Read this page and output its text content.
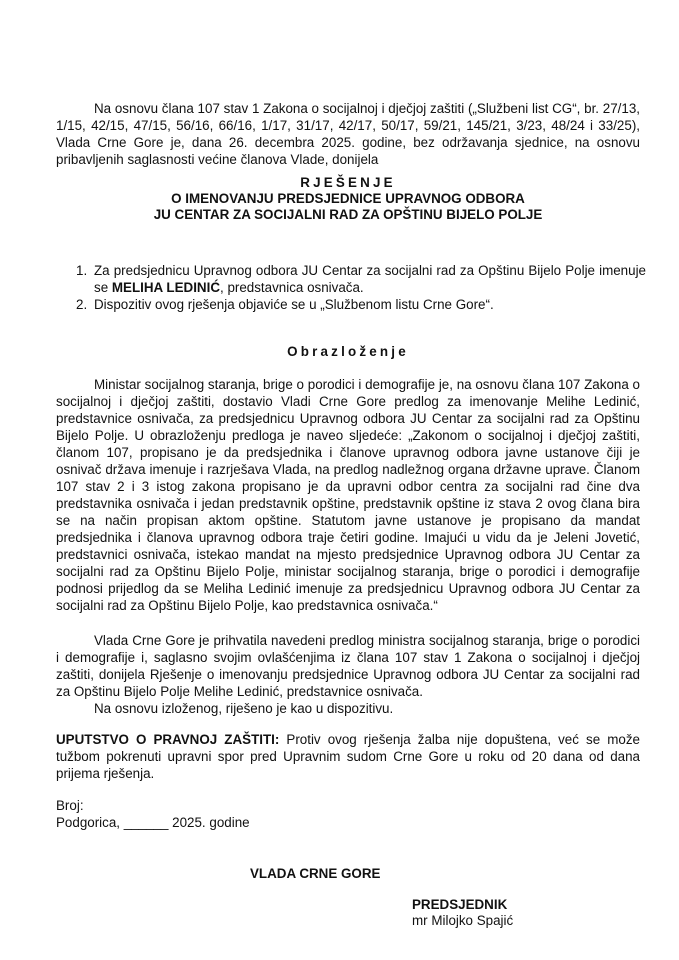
Na osnovu člana 107 stav 1 Zakona o socijalnoj i dječjoj zaštiti („Službeni list CG“, br. 27/13, 1/15, 42/15, 47/15, 56/16, 66/16, 1/17, 31/17, 42/17, 50/17, 59/21, 145/21, 3/23, 48/24 i 33/25), Vlada Crne Gore je, dana 26. decembra 2025. godine, bez održavanja sjednice, na osnovu pribavljenih saglasnosti većine članova Vlade, donijela

RJEŠENJE

O IMENOVANJU PREDSJEDNICE UPRAVNOG ODBORA

JU CENTAR ZA SOCIJALNI RAD ZA OPŠTINU BIJELO POLJE

1. Za predsjednicu Upravnog odbora JU Centar za socijalni rad za Opštinu Bijelo Polje imenuje se MELIHA LEDINIĆ, predstavnica osnivača.
2. Dispozitiv ovog rješenja objaviće se u „Službenom listu Crne Gore“.

Obrazloženje

Ministar socijalnog staranja, brige o porodici i demografije je, na osnovu člana 107 Zakona o socijalnoj i dječjoj zaštiti, dostavio Vladi Crne Gore predlog za imenovanje Melihe Ledinić, predstavnice osnivača, za predsjednicu Upravnog odbora JU Centar za socijalni rad za Opštinu Bijelo Polje. U obrazloženju predloga je naveo sljedeće: „Zakonom o socijalnoj i dječjoj zaštiti, članom 107, propisano je da predsjednika i članove upravnog odbora javne ustanove čiji je osnivač država imenuje i razrješava Vlada, na predlog nadležnog organa državne uprave. Članom 107 stav 2 i 3 istog zakona propisano je da upravni odbor centra za socijalni rad čine dva predstavnika osnivača i jedan predstavnik opštine, predstavnik opštine iz stava 2 ovog člana bira se na način propisan aktom opštine. Statutom javne ustanove je propisano da mandat predsjednika i članova upravnog odbora traje četiri godine. Imajući u vidu da je Jeleni Jovetić, predstavnici osnivača, istekao mandat na mjesto predsjednice Upravnog odbora JU Centar za socijalni rad za Opštinu Bijelo Polje, ministar socijalnog staranja, brige o porodici i demografije podnosi prijedlog da se Meliha Ledinić imenuje za predsjednicu Upravnog odbora JU Centar za socijalni rad za Opštinu Bijelo Polje, kao predstavnica osnivača.“

Vlada Crne Gore je prihvatila navedeni predlog ministra socijalnog staranja, brige o porodici i demografije i, saglasno svojim ovlašćenjima iz člana 107 stav 1 Zakona o socijalnoj i dječjoj zaštiti, donijela Rješenje o imenovanju predsjednice Upravnog odbora JU Centar za socijalni rad za Opštinu Bijelo Polje Melihe Ledinić, predstavnice osnivača.

Na osnovu izloženog, riješeno je kao u dispozitivu.

UPUTSTVO O PRAVNOJ ZAŠTITI: Protiv ovog rješenja žalba nije dopuštena, već se može tužbom pokrenuti upravni spor pred Upravnim sudom Crne Gore u roku od 20 dana od dana prijema rješenja.

Broj:

Podgorica, ______ 2025. godine

VLADA CRNE GORE

PREDSJEDNIK

mr Milojko Spajić
